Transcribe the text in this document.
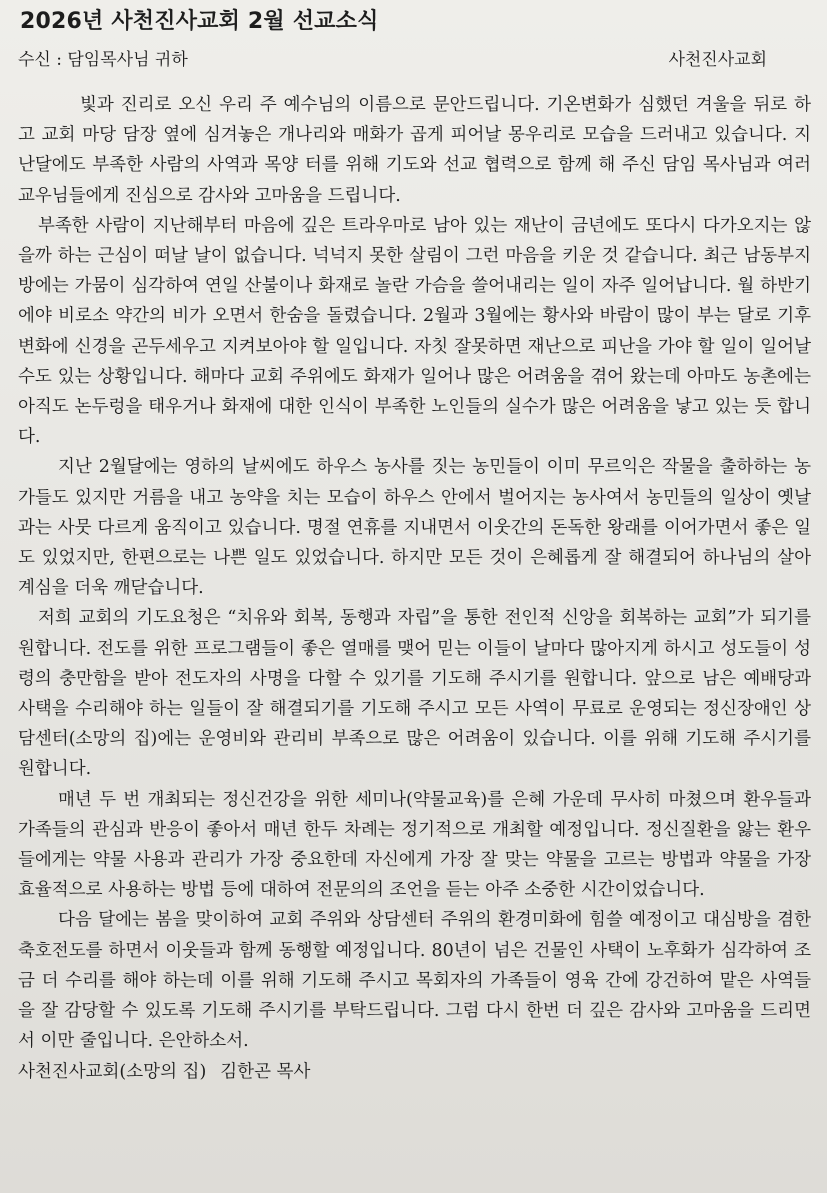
2026년 사천진사교회 2월 선교소식
수신 : 담임목사님 귀하	사천진사교회

빛과 진리로 오신 우리 주 예수님의 이름으로 문안드립니다. 기온변화가 심했던 겨울을 뒤로 하고 교회 마당 담장 옆에 심겨놓은 개나리와 매화가 곱게 피어날 몽우리로 모습을 드러내고 있습니다. 지난달에도 부족한 사람의 사역과 목양 터를 위해 기도와 선교 협력으로 함께 해 주신 담임 목사님과 여러 교우님들에게 진심으로 감사와 고마움을 드립니다.

부족한 사람이 지난해부터 마음에 깊은 트라우마로 남아 있는 재난이 금년에도 또다시 다가오지는 않을까 하는 근심이 떠날 날이 없습니다. 넉넉지 못한 살림이 그런 마음을 키운 것 같습니다. 최근 남동부지방에는 가뭄이 심각하여 연일 산불이나 화재로 놀란 가슴을 쓸어내리는 일이 자주 일어납니다. 월 하반기에야 비로소 약간의 비가 오면서 한숨을 돌렸습니다. 2월과 3월에는 황사와 바람이 많이 부는 달로 기후변화에 신경을 곤두세우고 지켜보아야 할 일입니다. 자칫 잘못하면 재난으로 피난을 가야 할 일이 일어날 수도 있는 상황입니다. 해마다 교회 주위에도 화재가 일어나 많은 어려움을 겪어 왔는데 아마도 농촌에는 아직도 논두렁을 태우거나 화재에 대한 인식이 부족한 노인들의 실수가 많은 어려움을 낳고 있는 듯 합니다.

지난 2월달에는 영하의 날씨에도 하우스 농사를 짓는 농민들이 이미 무르익은 작물을 출하하는 농가들도 있지만 거름을 내고 농약을 치는 모습이 하우스 안에서 벌어지는 농사여서 농민들의 일상이 옛날과는 사뭇 다르게 움직이고 있습니다. 명절 연휴를 지내면서 이웃간의 돈독한 왕래를 이어가면서 좋은 일도 있었지만, 한편으로는 나쁜 일도 있었습니다. 하지만 모든 것이 은혜롭게 잘 해결되어 하나님의 살아계심을 더욱 깨닫습니다.

저희 교회의 기도요청은 “치유와 회복, 동행과 자립”을 통한 전인적 신앙을 회복하는 교회”가 되기를 원합니다. 전도를 위한 프로그램들이 좋은 열매를 맺어 믿는 이들이 날마다 많아지게 하시고 성도들이 성령의 충만함을 받아 전도자의 사명을 다할 수 있기를 기도해 주시기를 원합니다. 앞으로 남은 예배당과 사택을 수리해야 하는 일들이 잘 해결되기를 기도해 주시고 모든 사역이 무료로 운영되는 정신장애인 상담센터(소망의 집)에는 운영비와 관리비 부족으로 많은 어려움이 있습니다. 이를 위해 기도해 주시기를 원합니다.

매년 두 번 개최되는 정신건강을 위한 세미나(약물교육)를 은혜 가운데 무사히 마쳤으며 환우들과 가족들의 관심과 반응이 좋아서 매년 한두 차례는 정기적으로 개최할 예정입니다. 정신질환을 앓는 환우들에게는 약물 사용과 관리가 가장 중요한데 자신에게 가장 잘 맞는 약물을 고르는 방법과 약물을 가장 효율적으로 사용하는 방법 등에 대하여 전문의의 조언을 듣는 아주 소중한 시간이었습니다.

다음 달에는 봄을 맞이하여 교회 주위와 상담센터 주위의 환경미화에 힘쓸 예정이고 대심방을 겸한 축호전도를 하면서 이웃들과 함께 동행할 예정입니다. 80년이 넘은 건물인 사택이 노후화가 심각하여 조금 더 수리를 해야 하는데 이를 위해 기도해 주시고 목회자의 가족들이 영육 간에 강건하여 맡은 사역들을 잘 감당할 수 있도록 기도해 주시기를 부탁드립니다. 그럼 다시 한번 더 깊은 감사와 고마움을 드리면서 이만 줄입니다. 은안하소서.

사천진사교회(소망의 집) 김한곤 목사
